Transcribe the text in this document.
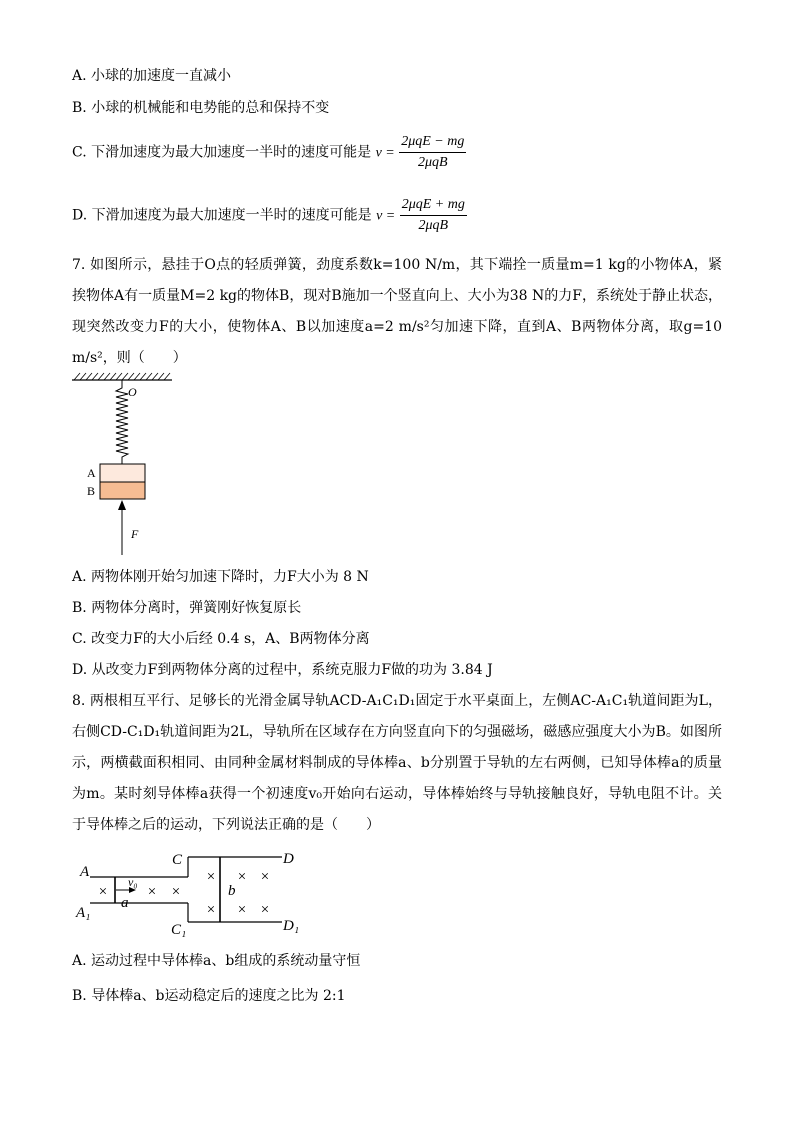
A. 小球的加速度一直减小
B. 小球的机械能和电势能的总和保持不变
C. 下滑加速度为最大加速度一半时的速度可能是 $v = \frac{\text{2μqE − mg}}{\text{2μqB}}$
D. 下滑加速度为最大加速度一半时的速度可能是 $v = \frac{\text{2μqE + mg}}{\text{2μqB}}$
7. 如图所示，悬挂于O点的轻质弹簧，劲度系数k=100 N/m，其下端拴一质量m=1 kg的小物体A，紧挨物体A有一质量M=2 kg的物体B，现对B施加一个竖直向上、大小为38 N的力F，系统处于静止状态，现突然改变力F的大小，使物体A、B以加速度a=2 m/s²匀加速下降，直到A、B两物体分离，取g=10 m/s²，则（　　）
O
A
B
F
A. 两物体刚开始匀加速下降时，力F大小为 8 N
B. 两物体分离时，弹簧刚好恢复原长
C. 改变力F的大小后经 0.4 s，A、B两物体分离
D. 从改变力F到两物体分离的过程中，系统克服力F做的功为 3.84 J
8. 两根相互平行、足够长的光滑金属导轨ACD-A₁C₁D₁固定于水平桌面上，左侧AC-A₁C₁轨道间距为L，右侧CD-C₁D₁轨道间距为2L，导轨所在区域存在方向竖直向下的匀强磁场，磁感应强度大小为B。如图所示，两横截面积相同、由同种金属材料制成的导体棒a、b分别置于导轨的左右两侧，已知导体棒a的质量为m。某时刻导体棒a获得一个初速度v₀开始向右运动，导体棒始终与导轨接触良好，导轨电阻不计。关于导体棒之后的运动，下列说法正确的是（　　）
×	× ×
× × ×
× × ×
A
A₁
C
C₁
D
D₁
a
b
v₀
A. 运动过程中导体棒a、b组成的系统动量守恒
B. 导体棒a、b运动稳定后的速度之比为 2:1
